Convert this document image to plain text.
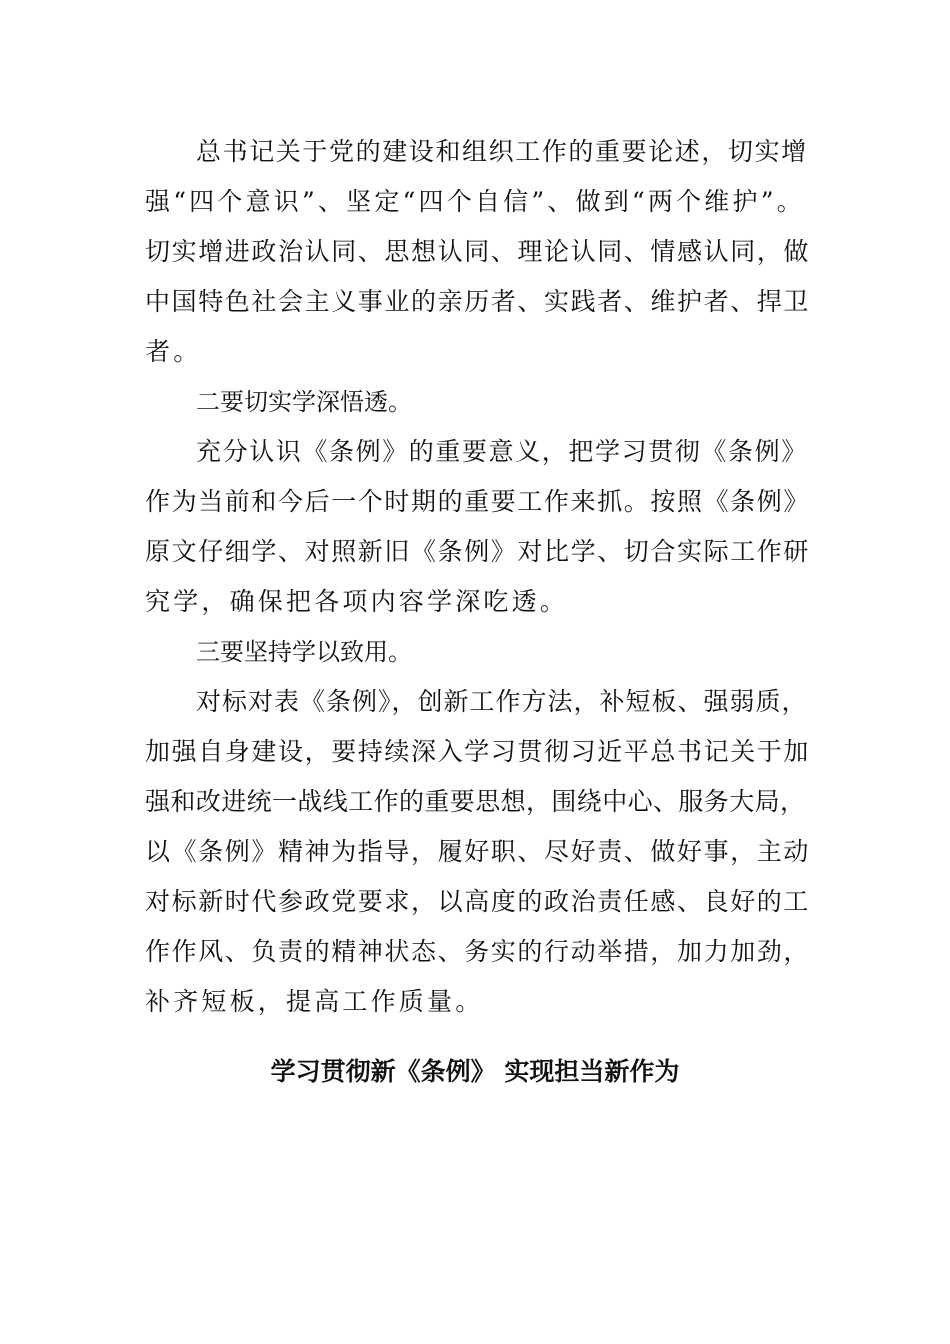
总书记关于党的建设和组织工作的重要论述，切实增
强“四个意识”、坚定“四个自信”、做到“两个维护”。
切实增进政治认同、思想认同、理论认同、情感认同，做
中国特色社会主义事业的亲历者、实践者、维护者、捍卫
者。
二要切实学深悟透。
充分认识《条例》的重要意义，把学习贯彻《条例》
作为当前和今后一个时期的重要工作来抓。按照《条例》
原文仔细学、对照新旧《条例》对比学、切合实际工作研
究学，确保把各项内容学深吃透。
三要坚持学以致用。
对标对表《条例》，创新工作方法，补短板、强弱质，
加强自身建设，要持续深入学习贯彻习近平总书记关于加
强和改进统一战线工作的重要思想，围绕中心、服务大局，
以《条例》精神为指导，履好职、尽好责、做好事，主动
对标新时代参政党要求，以高度的政治责任感、良好的工
作作风、负责的精神状态、务实的行动举措，加力加劲，
补齐短板，提高工作质量。
学习贯彻新《条例》 实现担当新作为
